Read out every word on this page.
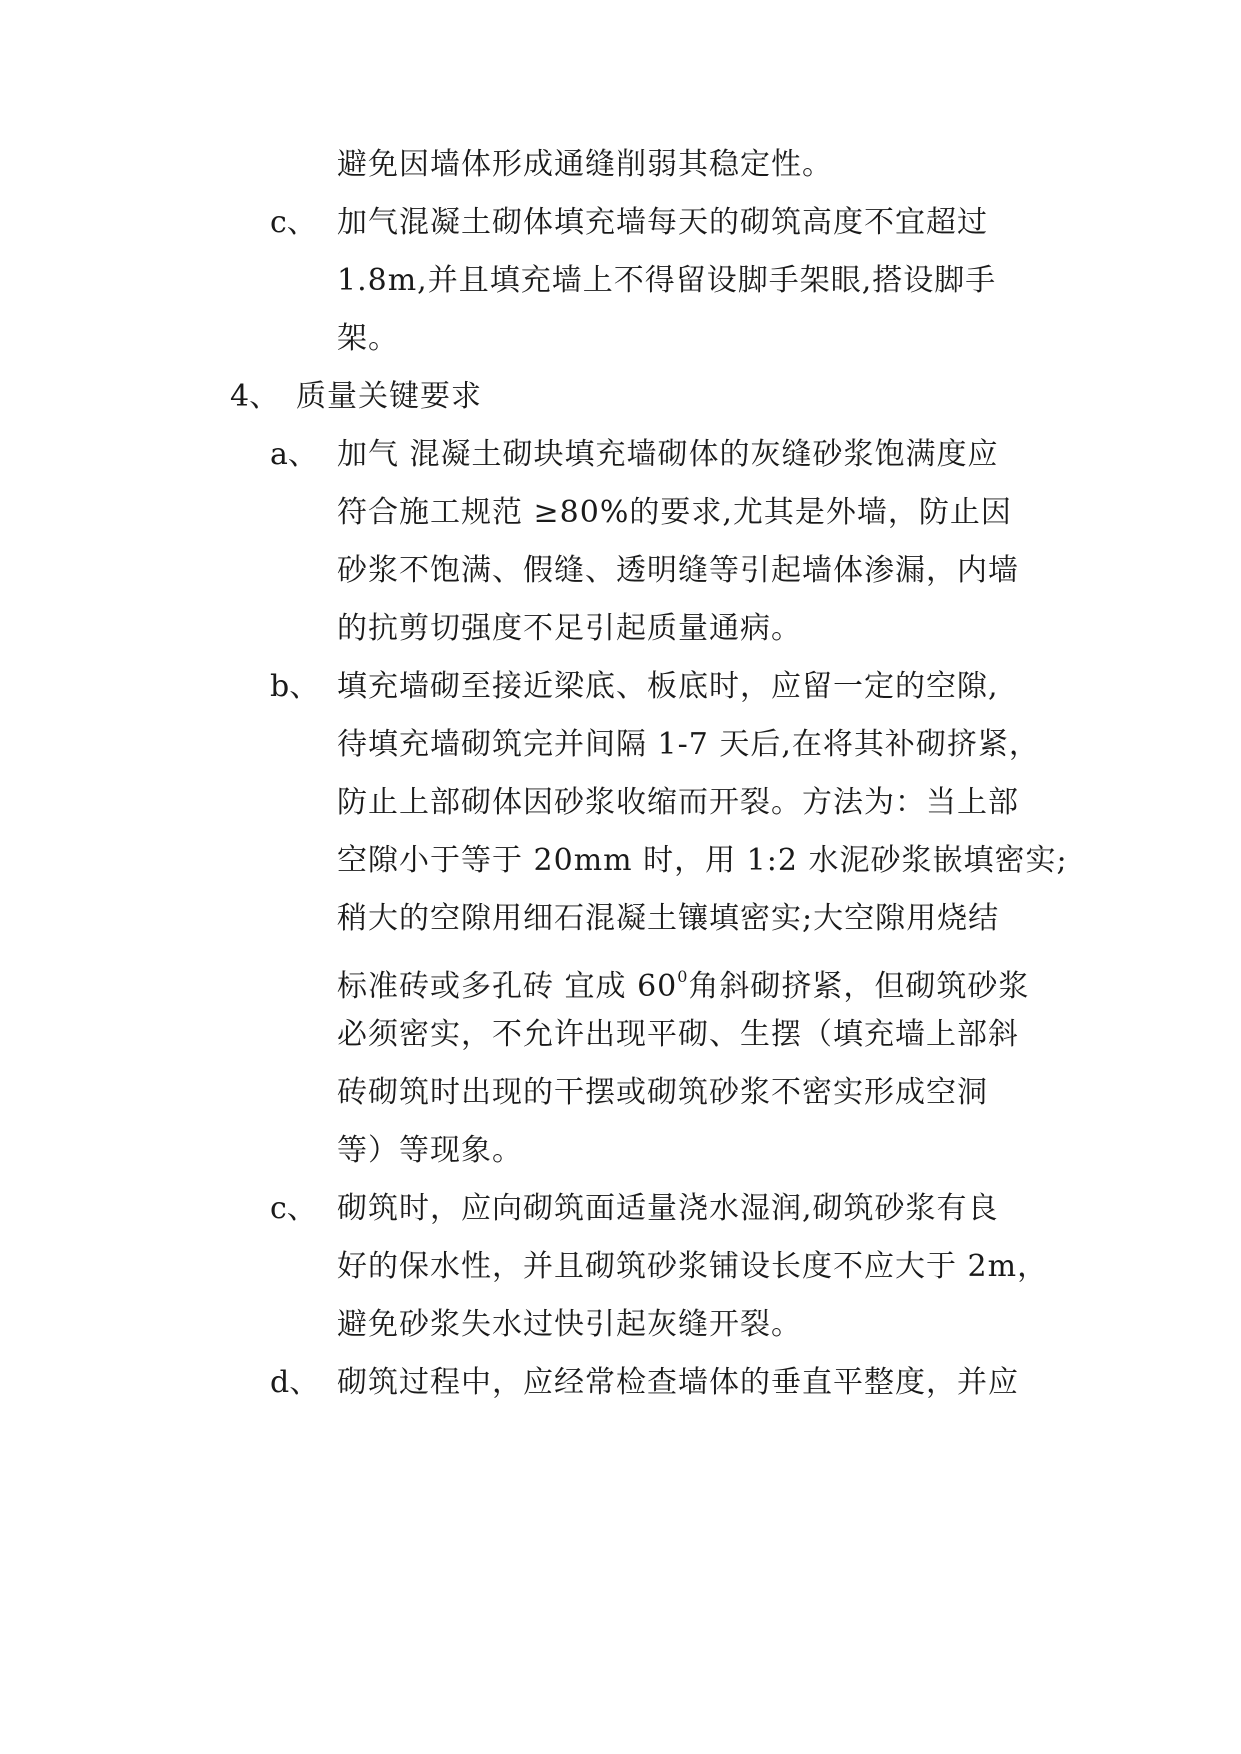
避免因墙体形成通缝削弱其稳定性。
c、 加气混凝土砌体填充墙每天的砌筑高度不宜超过
1.8m,并且填充墙上不得留设脚手架眼,搭设脚手
架。
4、 质量关键要求
a、 加气 混凝土砌块填充墙砌体的灰缝砂浆饱满度应
符合施工规范 ≥80%的要求,尤其是外墙，防止因
砂浆不饱满、假缝、透明缝等引起墙体渗漏，内墙
的抗剪切强度不足引起质量通病。
b、 填充墙砌至接近梁底、板底时，应留一定的空隙,
待填充墙砌筑完并间隔 1-7 天后,在将其补砌挤紧，
防止上部砌体因砂浆收缩而开裂。方法为：当上部
空隙小于等于 20mm 时，用 1:2 水泥砂浆嵌填密实;
稍大的空隙用细石混凝土镶填密实;大空隙用烧结
标准砖或多孔砖 宜成 $60^0$角斜砌挤紧，但砌筑砂浆
必须密实，不允许出现平砌、生摆（填充墙上部斜
砖砌筑时出现的干摆或砌筑砂浆不密实形成空洞
等）等现象。
c、 砌筑时，应向砌筑面适量浇水湿润,砌筑砂浆有良
好的保水性，并且砌筑砂浆铺设长度不应大于 2m，
避免砂浆失水过快引起灰缝开裂。
d、 砌筑过程中，应经常检查墙体的垂直平整度，并应
